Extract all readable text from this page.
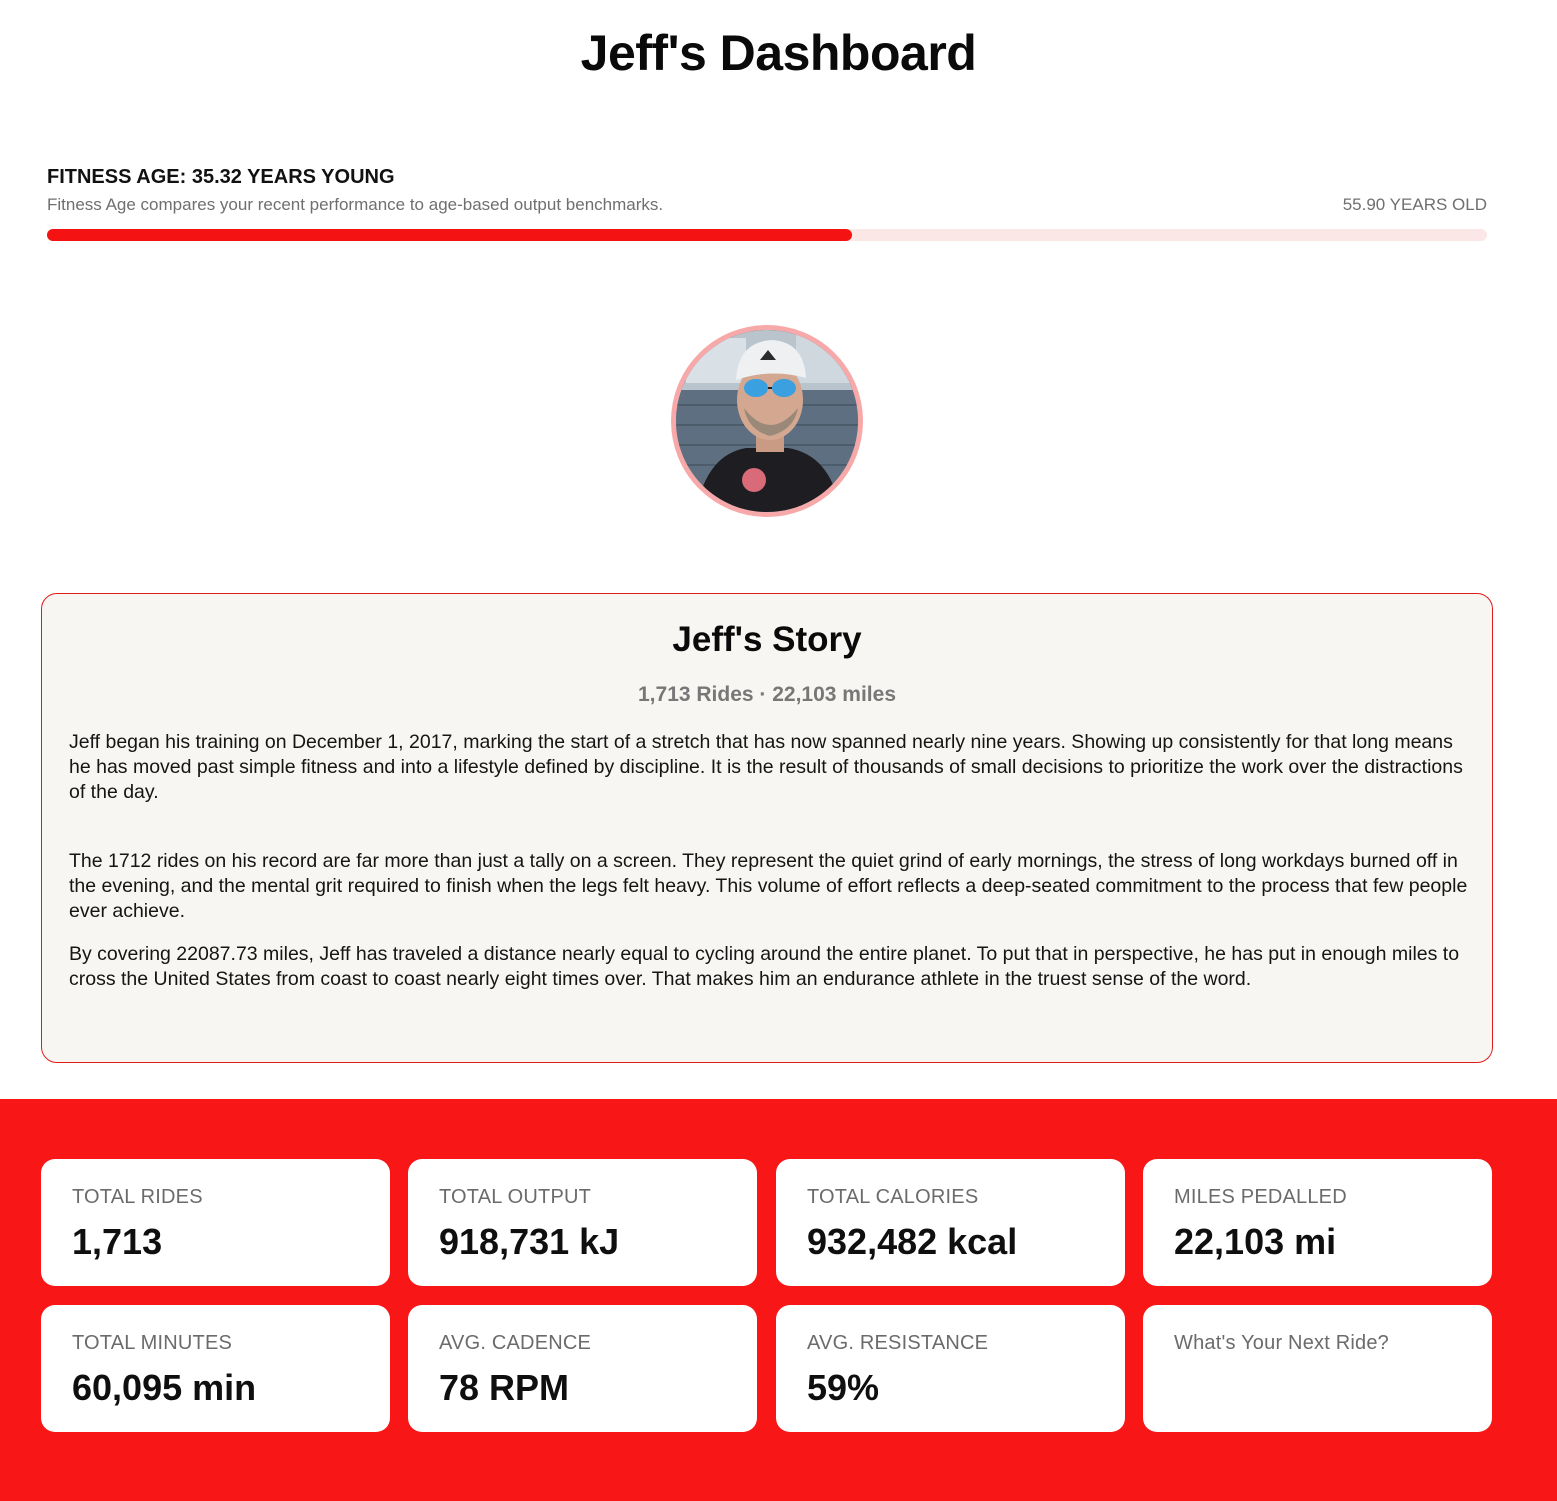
Jeff's Dashboard
FITNESS AGE: 35.32 YEARS YOUNG
Fitness Age compares your recent performance to age-based output benchmarks.	55.90 YEARS OLD
Jeff's Story
1,713 Rides · 22,103 miles

Jeff began his training on December 1, 2017, marking the start of a stretch that has now spanned nearly nine years. Showing up consistently for that long means he has moved past simple fitness and into a lifestyle defined by discipline. It is the result of thousands of small decisions to prioritize the work over the distractions of the day.

The 1712 rides on his record are far more than just a tally on a screen. They represent the quiet grind of early mornings, the stress of long workdays burned off in the evening, and the mental grit required to finish when the legs felt heavy. This volume of effort reflects a deep-seated commitment to the process that few people ever achieve.

By covering 22087.73 miles, Jeff has traveled a distance nearly equal to cycling around the entire planet. To put that in perspective, he has put in enough miles to cross the United States from coast to coast nearly eight times over. That makes him an endurance athlete in the truest sense of the word.

TOTAL RIDES
1,713
TOTAL OUTPUT
918,731 kJ
TOTAL CALORIES
932,482 kcal
MILES PEDALLED
22,103 mi
TOTAL MINUTES
60,095 min
AVG. CADENCE
78 RPM
AVG. RESISTANCE
59%
What's Your Next Ride?
